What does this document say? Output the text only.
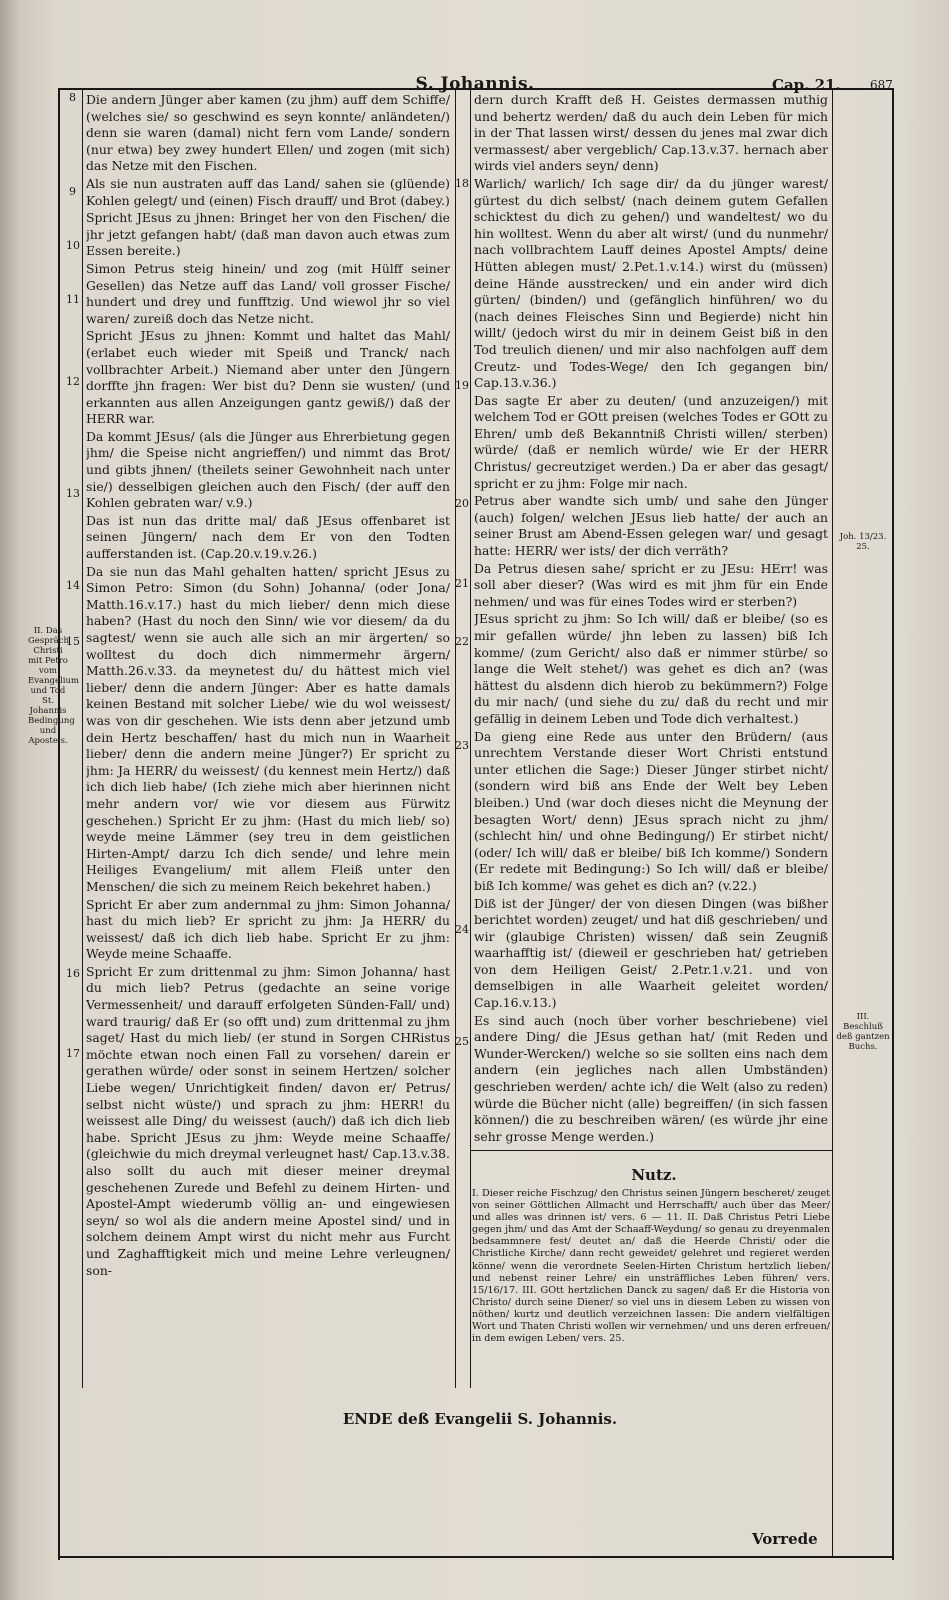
S. Johannis.	Cap. 21. 687
8
9
10
11
12
13
14
15
16
17
18
19
20
21
22
23
24
25
II. Das Gespräch Christi mit Petro vom Evangelium und Tod St. Johannis Bedingung und Apostels.
Joh. 13/23. 25.
III. Beschluß deß gantzen Buchs.

Die andern Jünger aber kamen (zu jhm) auff dem Schiffe/ (welches sie/ so geschwind es seyn konnte/ anländeten/) denn sie waren (damal) nicht fern vom Lande/ sondern (nur etwa) bey zwey hundert Ellen/ und zogen (mit sich) das Netze mit den Fischen.

Als sie nun austraten auff das Land/ sahen sie (glüende) Kohlen gelegt/ und (einen) Fisch drauff/ und Brot (dabey.)

Spricht JEsus zu jhnen: Bringet her von den Fischen/ die jhr jetzt gefangen habt/ (daß man davon auch etwas zum Essen bereite.)

Simon Petrus steig hinein/ und zog (mit Hülff seiner Gesellen) das Netze auff das Land/ voll grosser Fische/ hundert und drey und funfftzig. Und wiewol jhr so viel waren/ zureiß doch das Netze nicht.

Spricht JEsus zu jhnen: Kommt und haltet das Mahl/ (erlabet euch wieder mit Speiß und Tranck/ nach vollbrachter Arbeit.) Niemand aber unter den Jüngern dorffte jhn fragen: Wer bist du? Denn sie wusten/ (und erkannten aus allen Anzeigungen gantz gewiß/) daß der HERR war.

Da kommt JEsus/ (als die Jünger aus Ehrerbietung gegen jhm/ die Speise nicht angrieffen/) und nimmt das Brot/ und gibts jhnen/ (theilets seiner Gewohnheit nach unter sie/) desselbigen gleichen auch den Fisch/ (der auff den Kohlen gebraten war/ v.9.)

Das ist nun das dritte mal/ daß JEsus offenbaret ist seinen Jüngern/ nach dem Er von den Todten aufferstanden ist. (Cap.20.v.19.v.26.)

Da sie nun das Mahl gehalten hatten/ spricht JEsus zu Simon Petro: Simon (du Sohn) Johanna/ (oder Jona/ Matth.16.v.17.) hast du mich lieber/ denn mich diese haben? (Hast du noch den Sinn/ wie vor diesem/ da du sagtest/ wenn sie auch alle sich an mir ärgerten/ so wolltest du doch dich nimmermehr ärgern/ Matth.26.v.33. da meynetest du/ du hättest mich viel lieber/ denn die andern Jünger: Aber es hatte damals keinen Bestand mit solcher Liebe/ wie du wol weissest/ was von dir geschehen. Wie ists denn aber jetzund umb dein Hertz beschaffen/ hast du mich nun in Waarheit lieber/ denn die andern meine Jünger?) Er spricht zu jhm: Ja HERR/ du weissest/ (du kennest mein Hertz/) daß ich dich lieb habe/ (Ich ziehe mich aber hierinnen nicht mehr andern vor/ wie vor diesem aus Fürwitz geschehen.) Spricht Er zu jhm: (Hast du mich lieb/ so) weyde meine Lämmer (sey treu in dem geistlichen Hirten-Ampt/ darzu Ich dich sende/ und lehre mein Heiliges Evangelium/ mit allem Fleiß unter den Menschen/ die sich zu meinem Reich bekehret haben.)

Spricht Er aber zum andernmal zu jhm: Simon Johanna/ hast du mich lieb? Er spricht zu jhm: Ja HERR/ du weissest/ daß ich dich lieb habe. Spricht Er zu jhm: Weyde meine Schaaffe.

Spricht Er zum drittenmal zu jhm: Simon Johanna/ hast du mich lieb? Petrus (gedachte an seine vorige Vermessenheit/ und darauff erfolgeten Sünden-Fall/ und) ward traurig/ daß Er (so offt und) zum drittenmal zu jhm saget/ Hast du mich lieb/ (er stund in Sorgen CHRistus möchte etwan noch einen Fall zu vorsehen/ darein er gerathen würde/ oder sonst in seinem Hertzen/ solcher Liebe wegen/ Unrichtigkeit finden/ davon er/ Petrus/ selbst nicht wüste/) und sprach zu jhm: HERR! du weissest alle Ding/ du weissest (auch/) daß ich dich lieb habe. Spricht JEsus zu jhm: Weyde meine Schaaffe/ (gleichwie du mich dreymal verleugnet hast/ Cap.13.v.38. also sollt du auch mit dieser meiner dreymal geschehenen Zurede und Befehl zu deinem Hirten- und Apostel-Ampt wiederumb völlig an- und eingewiesen seyn/ so wol als die andern meine Apostel sind/ und in solchem deinem Ampt wirst du nicht mehr aus Furcht und Zaghafftigkeit mich und meine Lehre verleugnen/ son-

dern durch Krafft deß H. Geistes dermassen muthig und behertz werden/ daß du auch dein Leben für mich in der That lassen wirst/ dessen du jenes mal zwar dich vermassest/ aber vergeblich/ Cap.13.v.37. hernach aber wirds viel anders seyn/ denn)

Warlich/ warlich/ Ich sage dir/ da du jünger warest/ gürtest du dich selbst/ (nach deinem gutem Gefallen schicktest du dich zu gehen/) und wandeltest/ wo du hin wolltest. Wenn du aber alt wirst/ (und du nunmehr/ nach vollbrachtem Lauff deines Apostel Ampts/ deine Hütten ablegen must/ 2.Pet.1.v.14.) wirst du (müssen) deine Hände ausstrecken/ und ein ander wird dich gürten/ (binden/) und (gefänglich hinführen/ wo du (nach deines Fleisches Sinn und Begierde) nicht hin willt/ (jedoch wirst du mir in deinem Geist biß in den Tod treulich dienen/ und mir also nachfolgen auff dem Creutz- und Todes-Wege/ den Ich gegangen bin/ Cap.13.v.36.)

Das sagte Er aber zu deuten/ (und anzuzeigen/) mit welchem Tod er GOtt preisen (welches Todes er GOtt zu Ehren/ umb deß Bekanntniß Christi willen/ sterben) würde/ (daß er nemlich würde/ wie Er der HERR Christus/ gecreutziget werden.) Da er aber das gesagt/ spricht er zu jhm: Folge mir nach.

Petrus aber wandte sich umb/ und sahe den Jünger (auch) folgen/ welchen JEsus lieb hatte/ der auch an seiner Brust am Abend-Essen gelegen war/ und gesagt hatte: HERR/ wer ists/ der dich verräth?

Da Petrus diesen sahe/ spricht er zu JEsu: HErr! was soll aber dieser? (Was wird es mit jhm für ein Ende nehmen/ und was für eines Todes wird er sterben?)

JEsus spricht zu jhm: So Ich will/ daß er bleibe/ (so es mir gefallen würde/ jhn leben zu lassen) biß Ich komme/ (zum Gericht/ also daß er nimmer stürbe/ so lange die Welt stehet/) was gehet es dich an? (was hättest du alsdenn dich hierob zu bekümmern?) Folge du mir nach/ (und siehe du zu/ daß du recht und mir gefällig in deinem Leben und Tode dich verhaltest.)

Da gieng eine Rede aus unter den Brüdern/ (aus unrechtem Verstande dieser Wort Christi entstund unter etlichen die Sage:) Dieser Jünger stirbet nicht/ (sondern wird biß ans Ende der Welt bey Leben bleiben.) Und (war doch dieses nicht die Meynung der besagten Wort/ denn) JEsus sprach nicht zu jhm/ (schlecht hin/ und ohne Bedingung/) Er stirbet nicht/ (oder/ Ich will/ daß er bleibe/ biß Ich komme/) Sondern (Er redete mit Bedingung:) So Ich will/ daß er bleibe/ biß Ich komme/ was gehet es dich an? (v.22.)

Diß ist der Jünger/ der von diesen Dingen (was bißher berichtet worden) zeuget/ und hat diß geschrieben/ und wir (glaubige Christen) wissen/ daß sein Zeugniß waarhafftig ist/ (dieweil er geschrieben hat/ getrieben von dem Heiligen Geist/ 2.Petr.1.v.21. und von demselbigen in alle Waarheit geleitet worden/ Cap.16.v.13.)

Es sind auch (noch über vorher beschriebene) viel andere Ding/ die JEsus gethan hat/ (mit Reden und Wunder-Wercken/) welche so sie sollten eins nach dem andern (ein jegliches nach allen Umbständen) geschrieben werden/ achte ich/ die Welt (also zu reden) würde die Bücher nicht (alle) begreiffen/ (in sich fassen können/) die zu beschreiben wären/ (es würde jhr eine sehr grosse Menge werden.)

Nutz.
I. Dieser reiche Fischzug/ den Christus seinen Jüngern bescheret/ zeuget von seiner Göttlichen Allmacht und Herrschafft/ auch über das Meer/ und alles was drinnen ist/ vers. 6 — 11. II. Daß Christus Petri Liebe gegen jhm/ und das Amt der Schaaff-Weydung/ so genau zu dreyenmalen bedsammnere fest/ deutet an/ daß die Heerde Christi/ oder die Christliche Kirche/ dann recht geweidet/ gelehret und regieret werden könne/ wenn die verordnete Seelen-Hirten Christum hertzlich lieben/ und nebenst reiner Lehre/ ein unsträffliches Leben führen/ vers. 15/16/17. III. GOtt hertzlichen Danck zu sagen/ daß Er die Historia von Christo/ durch seine Diener/ so viel uns in diesem Leben zu wissen von nöthen/ kurtz und deutlich verzeichnen lassen: Die andern vielfältigen Wort und Thaten Christi wollen wir vernehmen/ und uns deren erfreuen/ in dem ewigen Leben/ vers. 25.
ENDE deß Evangelii S. Johannis.
Vorrede
